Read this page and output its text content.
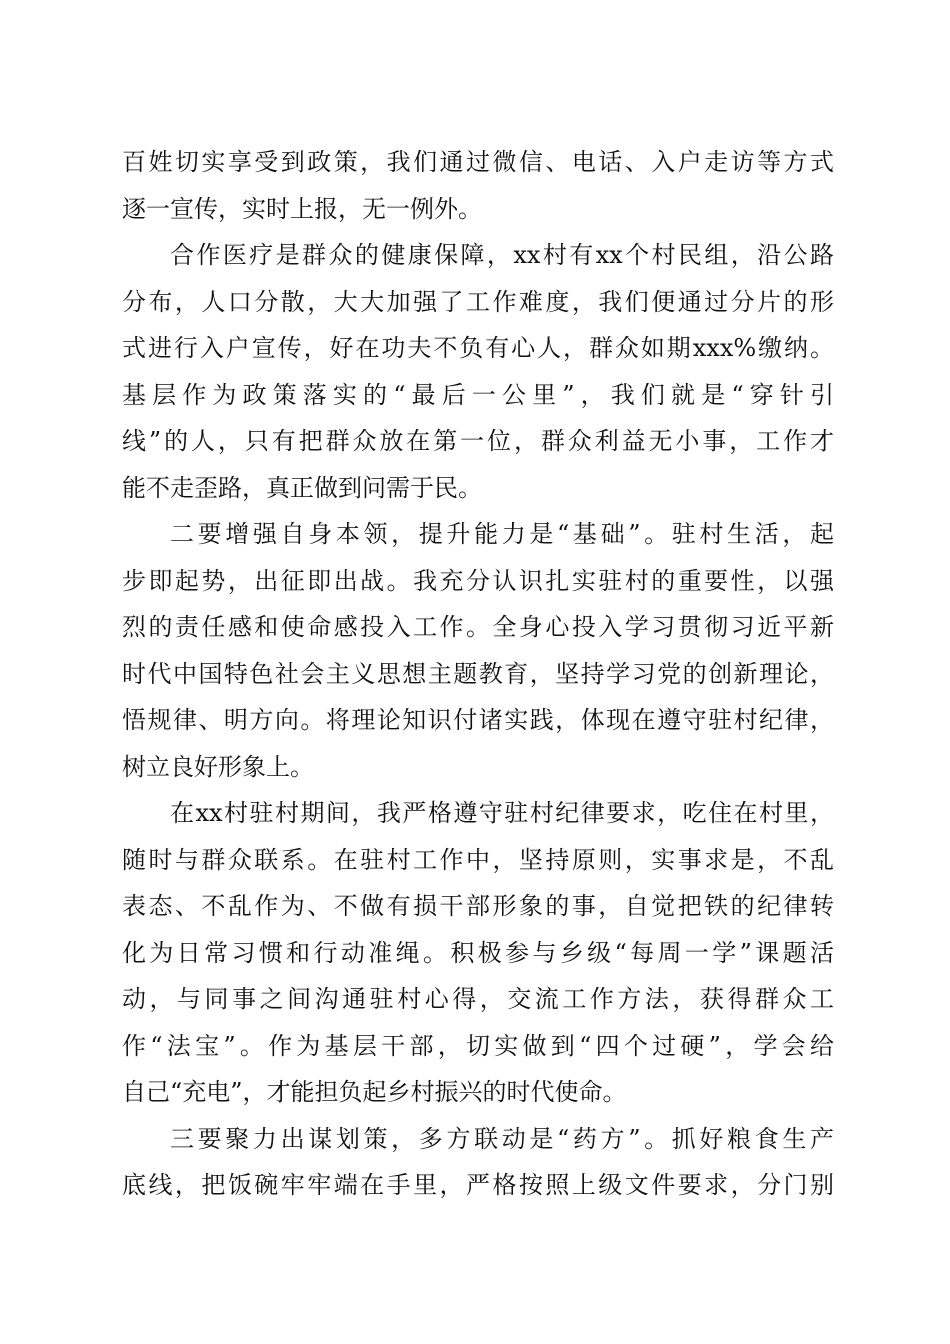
百姓切实享受到政策，我们通过微信、电话、入户走访等方式
逐一宣传，实时上报，无一例外。
合作医疗是群众的健康保障，xx村有xx个村民组，沿公路
分布，人口分散，大大加强了工作难度，我们便通过分片的形
式进行入户宣传，好在功夫不负有心人，群众如期xxx%缴纳。
基层作为政策落实的“最后一公里”，我们就是“穿针引
线”的人，只有把群众放在第一位，群众利益无小事，工作才
能不走歪路，真正做到问需于民。
二要增强自身本领，提升能力是“基础”。驻村生活，起
步即起势，出征即出战。我充分认识扎实驻村的重要性，以强
烈的责任感和使命感投入工作。全身心投入学习贯彻习近平新
时代中国特色社会主义思想主题教育，坚持学习党的创新理论，
悟规律、明方向。将理论知识付诸实践，体现在遵守驻村纪律，
树立良好形象上。
在xx村驻村期间，我严格遵守驻村纪律要求，吃住在村里，
随时与群众联系。在驻村工作中，坚持原则，实事求是，不乱
表态、不乱作为、不做有损干部形象的事，自觉把铁的纪律转
化为日常习惯和行动准绳。积极参与乡级“每周一学”课题活
动，与同事之间沟通驻村心得，交流工作方法，获得群众工
作“法宝”。作为基层干部，切实做到“四个过硬”，学会给
自己“充电”，才能担负起乡村振兴的时代使命。
三要聚力出谋划策，多方联动是“药方”。抓好粮食生产
底线，把饭碗牢牢端在手里，严格按照上级文件要求，分门别
